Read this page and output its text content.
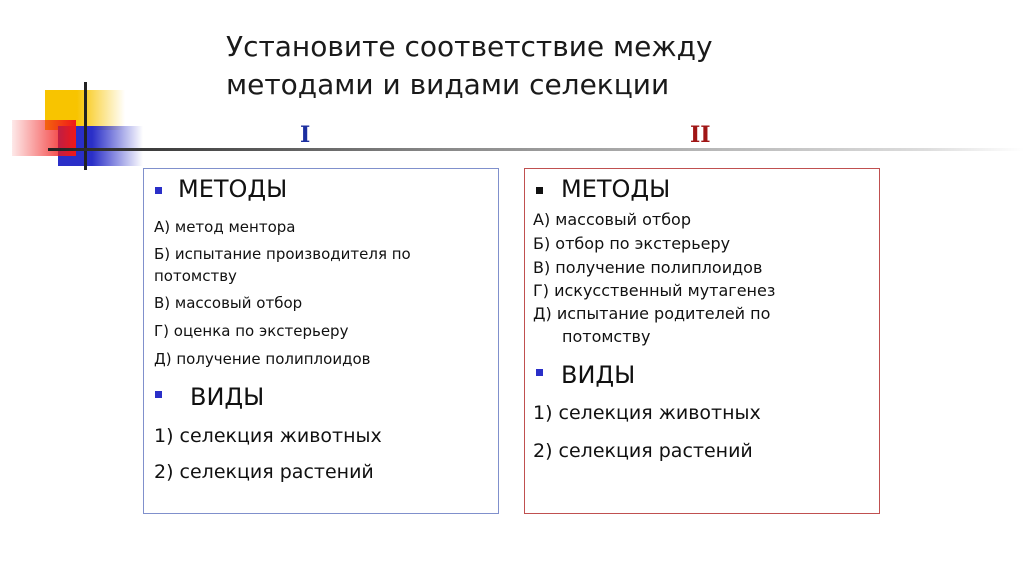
Установите соответствие между
методами и видами селекции
I	II
МЕТОДЫ
А) метод ментора
Б) испытание производителя по
потомству
В) массовый отбор
Г) оценка по экстерьеру
Д) получение полиплоидов
ВИДЫ
1) селекция животных
2) селекция растений
МЕТОДЫ
А) массовый отбор
Б) отбор по экстерьеру
В) получение полиплоидов
Г) искусственный мутагенез
Д) испытание родителей по
потомству
ВИДЫ
1) селекция животных
2) селекция растений
